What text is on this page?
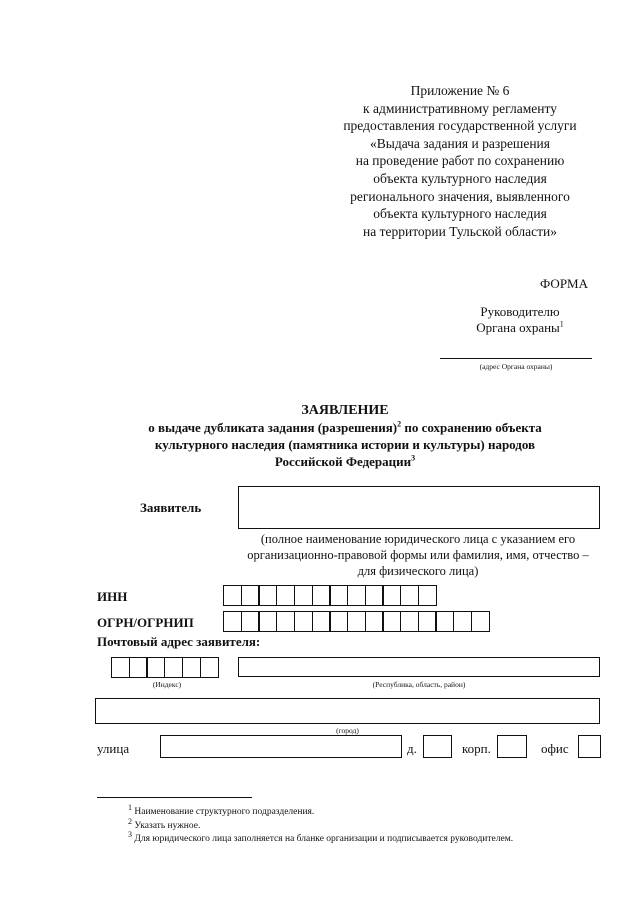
Приложение № 6
к административному регламенту
предоставления государственной услуги
«Выдача задания и разрешения
на проведение работ по сохранению
объекта культурного наследия
регионального значения, выявленного
объекта культурного наследия
на территории Тульской области»
ФОРМА
Руководителю
Органа охраны$^1$
(адрес Органа охраны)
ЗАЯВЛЕНИЕ
о выдаче дубликата задания (разрешения)$^2$ по сохранению объекта
культурного наследия (памятника истории и культуры) народов
Российской Федерации$^3$
Заявитель
(полное наименование юридического лица с указанием его
организационно-правовой формы или фамилия, имя, отчество –
для физического лица)
ИНН
ОГРН/ОГРНИП
Почтовый адрес заявителя:
(Индекс)	(Республика, область, район)
(город)
улица	д.	корп.	офис
$^1$ Наименование структурного подразделения.
$^2$ Указать нужное.
$^3$ Для юридического лица заполняется на бланке организации и подписывается руководителем.
